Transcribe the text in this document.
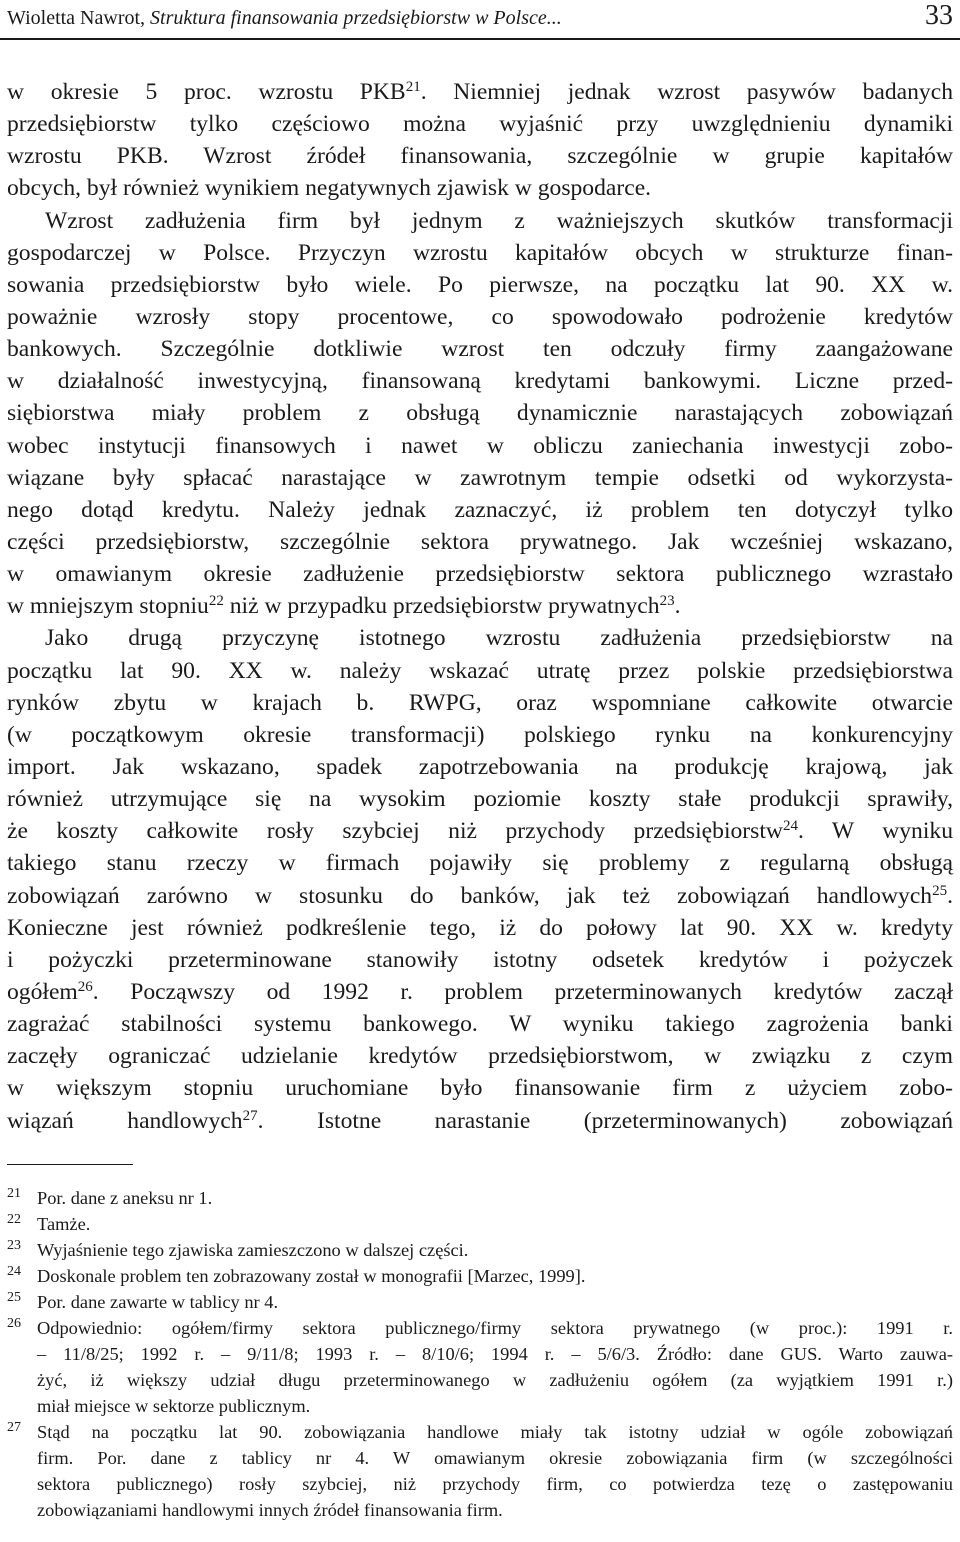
Wioletta Nawrot, Struktura finansowania przedsiębiorstw w Polsce...	33
w okresie 5 proc. wzrostu PKB$^{21}$. Niemniej jednak wzrost pasywów badanych
przedsiębiorstw tylko częściowo można wyjaśnić przy uwzględnieniu dynamiki
wzrostu PKB. Wzrost źródeł finansowania, szczególnie w grupie kapitałów
obcych, był również wynikiem negatywnych zjawisk w gospodarce.
Wzrost zadłużenia firm był jednym z ważniejszych skutków transformacji
gospodarczej w Polsce. Przyczyn wzrostu kapitałów obcych w strukturze finan-
sowania przedsiębiorstw było wiele. Po pierwsze, na początku lat 90. XX w.
poważnie wzrosły stopy procentowe, co spowodowało podrożenie kredytów
bankowych. Szczególnie dotkliwie wzrost ten odczuły firmy zaangażowane
w działalność inwestycyjną, finansowaną kredytami bankowymi. Liczne przed-
siębiorstwa miały problem z obsługą dynamicznie narastających zobowiązań
wobec instytucji finansowych i nawet w obliczu zaniechania inwestycji zobo-
wiązane były spłacać narastające w zawrotnym tempie odsetki od wykorzysta-
nego dotąd kredytu. Należy jednak zaznaczyć, iż problem ten dotyczył tylko
części przedsiębiorstw, szczególnie sektora prywatnego. Jak wcześniej wskazano,
w omawianym okresie zadłużenie przedsiębiorstw sektora publicznego wzrastało
w mniejszym stopniu$^{22}$ niż w przypadku przedsiębiorstw prywatnych$^{23}$.
Jako drugą przyczynę istotnego wzrostu zadłużenia przedsiębiorstw na
początku lat 90. XX w. należy wskazać utratę przez polskie przedsiębiorstwa
rynków zbytu w krajach b. RWPG, oraz wspomniane całkowite otwarcie
(w początkowym okresie transformacji) polskiego rynku na konkurencyjny
import. Jak wskazano, spadek zapotrzebowania na produkcję krajową, jak
również utrzymujące się na wysokim poziomie koszty stałe produkcji sprawiły,
że koszty całkowite rosły szybciej niż przychody przedsiębiorstw$^{24}$. W wyniku
takiego stanu rzeczy w firmach pojawiły się problemy z regularną obsługą
zobowiązań zarówno w stosunku do banków, jak też zobowiązań handlowych$^{25}$.
Konieczne jest również podkreślenie tego, iż do połowy lat 90. XX w. kredyty
i pożyczki przeterminowane stanowiły istotny odsetek kredytów i pożyczek
ogółem$^{26}$. Począwszy od 1992 r. problem przeterminowanych kredytów zaczął
zagrażać stabilności systemu bankowego. W wyniku takiego zagrożenia banki
zaczęły ograniczać udzielanie kredytów przedsiębiorstwom, w związku z czym
w większym stopniu uruchomiane było finansowanie firm z użyciem zobo-
wiązań handlowych$^{27}$. Istotne narastanie (przeterminowanych) zobowiązań
21 Por. dane z aneksu nr 1.
22 Tamże.
23 Wyjaśnienie tego zjawiska zamieszczono w dalszej części.
24 Doskonale problem ten zobrazowany został w monografii [Marzec, 1999].
25 Por. dane zawarte w tablicy nr 4.
26 Odpowiednio: ogółem/firmy sektora publicznego/firmy sektora prywatnego (w proc.): 1991 r.
– 11/8/25; 1992 r. – 9/11/8; 1993 r. – 8/10/6; 1994 r. – 5/6/3. Źródło: dane GUS. Warto zauwa-
żyć, iż większy udział długu przeterminowanego w zadłużeniu ogółem (za wyjątkiem 1991 r.)
miał miejsce w sektorze publicznym.
27 Stąd na początku lat 90. zobowiązania handlowe miały tak istotny udział w ogóle zobowiązań
firm. Por. dane z tablicy nr 4. W omawianym okresie zobowiązania firm (w szczególności
sektora publicznego) rosły szybciej, niż przychody firm, co potwierdza tezę o zastępowaniu
zobowiązaniami handlowymi innych źródeł finansowania firm.
